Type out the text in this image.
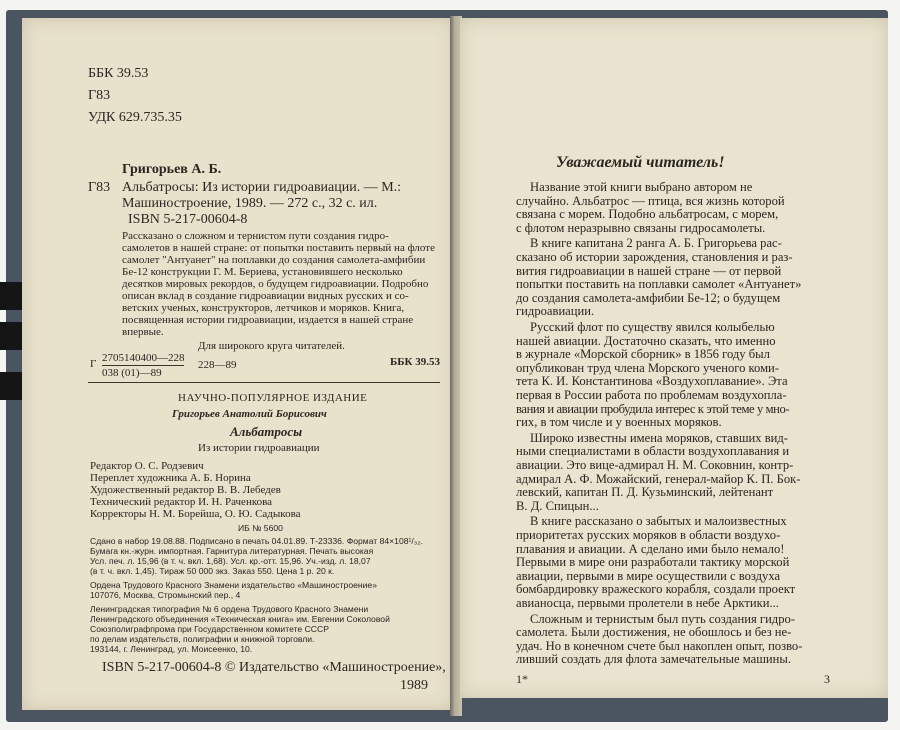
ББК 39.53
Г83
УДК 629.735.35
Григорьев А. Б.
Г83 Альбатросы: Из истории гидроавиации. — М.:
Машиностроение, 1989. — 272 с., 32 с. ил.
ISBN 5-217-00604-8
Рассказано о сложном и тернистом пути создания гидро-
самолетов в нашей стране: от попытки поставить первый на флоте
самолет "Антуанет" на поплавки до создания самолета-амфибии
Бе-12 конструкции Г. М. Бериева, установившего несколько
десятков мировых рекордов, о будущем гидроавиации. Подробно
описан вклад в создание гидроавиации видных русских и со-
ветских ученых, конструкторов, летчиков и моряков. Книга,
посвященная истории гидроавиации, издается в нашей стране
впервые.
Для широкого круга читателей.
Г 2705140400—228
038 (01)—89
228—89	ББК 39.53
НАУЧНО-ПОПУЛЯРНОЕ ИЗДАНИЕ
Григорьев Анатолий Борисович
Альбатросы
Из истории гидроавиации
Редактор О. С. Родзевич
Переплет художника А. Б. Норина
Художественный редактор В. В. Лебедев
Технический редактор И. Н. Раченкова
Корректоры Н. М. Борейша, О. Ю. Садыкова
ИБ № 5600
Сдано в набор 19.08.88. Подписано в печать 04.01.89. Т-23336. Формат 84×108¹/₃₂.
Бумага кн.-журн. импортная. Гарнитура литературная. Печать высокая
Усл. печ. л. 15,96 (в т. ч. вкл. 1,68). Усл. кр.-отт. 15,96. Уч.-изд. л. 18,07
(в т. ч. вкл. 1,45). Тираж 50 000 экз. Заказ 550. Цена 1 р. 20 к.
Ордена Трудового Красного Знамени издательство «Машиностроение»
107076, Москва, Стромынский пер., 4
Ленинградская типография № 6 ордена Трудового Красного Знамени
Ленинградского объединения «Техническая книга» им. Евгении Соколовой
Союзполиграфпрома при Государственном комитете СССР
по делам издательств, полиграфии и книжной торговли.
193144, г. Ленинград, ул. Моисеенко, 10.
ISBN 5-217-00604-8 © Издательство «Машиностроение»,
1989
Уважаемый читатель!
Название этой книги выбрано автором не
случайно. Альбатрос — птица, вся жизнь которой
связана с морем. Подобно альбатросам, с морем,
с флотом неразрывно связаны гидросамолеты.
В книге капитана 2 ранга А. Б. Григорьева рас-
сказано об истории зарождения, становления и раз-
вития гидроавиации в нашей стране — от первой
попытки поставить на поплавки самолет «Антуанет»
до создания самолета-амфибии Бе-12; о будущем
гидроавиации.
Русский флот по существу явился колыбелью
нашей авиации. Достаточно сказать, что именно
в журнале «Морской сборник» в 1856 году был
опубликован труд члена Морского ученого коми-
тета К. И. Константинова «Воздухоплавание». Эта
первая в России работа по проблемам воздухопла-
вания и авиации пробудила интерес к этой теме у мно-
гих, в том числе и у военных моряков.
Широко известны имена моряков, ставших вид-
ными специалистами в области воздухоплавания и
авиации. Это вице-адмирал Н. М. Соковнин, контр-
адмирал А. Ф. Можайский, генерал-майор К. П. Бок-
левский, капитан П. Д. Кузьминский, лейтенант
В. Д. Спицын...
В книге рассказано о забытых и малоизвестных
приоритетах русских моряков в области воздухо-
плавания и авиации. А сделано ими было немало!
Первыми в мире они разработали тактику морской
авиации, первыми в мире осуществили с воздуха
бомбардировку вражеского корабля, создали проект
авианосца, первыми пролетели в небе Арктики...
Сложным и тернистым был путь создания гидро-
самолета. Были достижения, не обошлось и без не-
удач. Но в конечном счете был накоплен опыт, позво-
ливший создать для флота замечательные машины.
1*	3
